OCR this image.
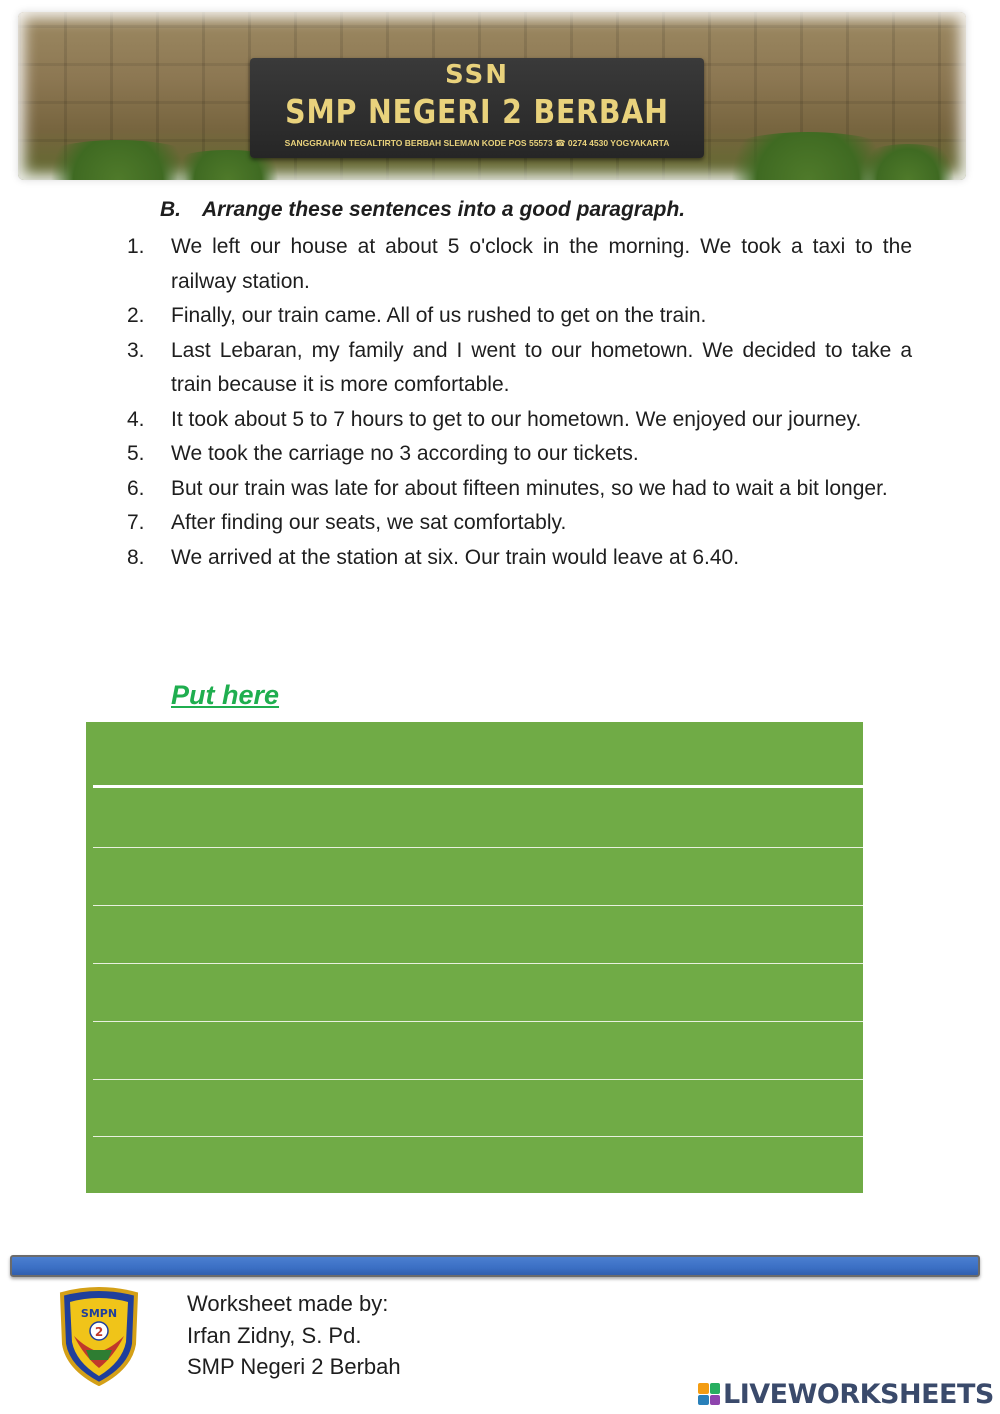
SSN
SMP NEGERI 2 BERBAH
SANGGRAHAN TEGALTIRTO BERBAH SLEMAN KODE POS 55573 ☎ 0274 4530 YOGYAKARTA
B. Arrange these sentences into a good paragraph.
1. We left our house at about 5 o'clock in the morning. We took a taxi to the railway station.
2. Finally, our train came. All of us rushed to get on the train.
3. Last Lebaran, my family and I went to our hometown. We decided to take a train because it is more comfortable.
4. It took about 5 to 7 hours to get to our hometown. We enjoyed our journey.
5. We took the carriage no 3 according to our tickets.
6. But our train was late for about fifteen minutes, so we had to wait a bit longer.
7. After finding our seats, we sat comfortably.
8. We arrived at the station at six. Our train would leave at 6.40.
Put here
SMPN
2
Worksheet made by:
Irfan Zidny, S. Pd.
SMP Negeri 2 Berbah
LIVEWORKSHEETS
